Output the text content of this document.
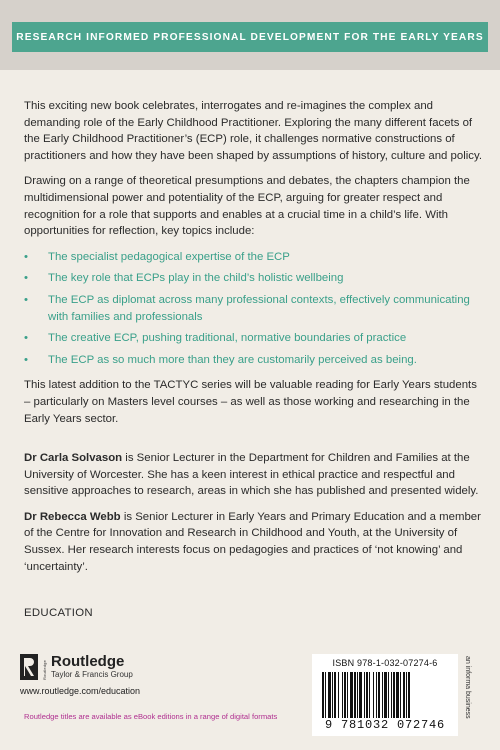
RESEARCH INFORMED PROFESSIONAL DEVELOPMENT FOR THE EARLY YEARS

This exciting new book celebrates, interrogates and re-imagines the complex and demanding role of the Early Childhood Practitioner. Exploring the many different facets of the Early Childhood Practitioner’s (ECP) role, it challenges normative constructions of practitioners and how they have been shaped by assumptions of history, culture and policy.

Drawing on a range of theoretical presumptions and debates, the chapters champion the multidimensional power and potentiality of the ECP, arguing for greater respect and recognition for a role that supports and enables at a crucial time in a child’s life. With opportunities for reflection, key topics include:

• The specialist pedagogical expertise of the ECP
• The key role that ECPs play in the child’s holistic wellbeing
• The ECP as diplomat across many professional contexts, effectively communicating with families and professionals
• The creative ECP, pushing traditional, normative boundaries of practice
• The ECP as so much more than they are customarily perceived as being.

This latest addition to the TACTYC series will be valuable reading for Early Years students – particularly on Masters level courses – as well as those working and researching in the Early Years sector.

Dr Carla Solvason is Senior Lecturer in the Department for Children and Families at the University of Worcester. She has a keen interest in ethical practice and respectful and sensitive approaches to research, areas in which she has published and presented widely.

Dr Rebecca Webb is Senior Lecturer in Early Years and Primary Education and a member of the Centre for Innovation and Research in Childhood and Youth, at the University of Sussex. Her research interests focus on pedagogies and practices of ‘not knowing’ and ‘uncertainty’.

EDUCATION
Routledge Routledge
Taylor & Francis Group
www.routledge.com/education
Routledge titles are available as eBook editions in a range of digital formats
ISBN 978-1-032-07274-6
9 781032 072746
an informa business
